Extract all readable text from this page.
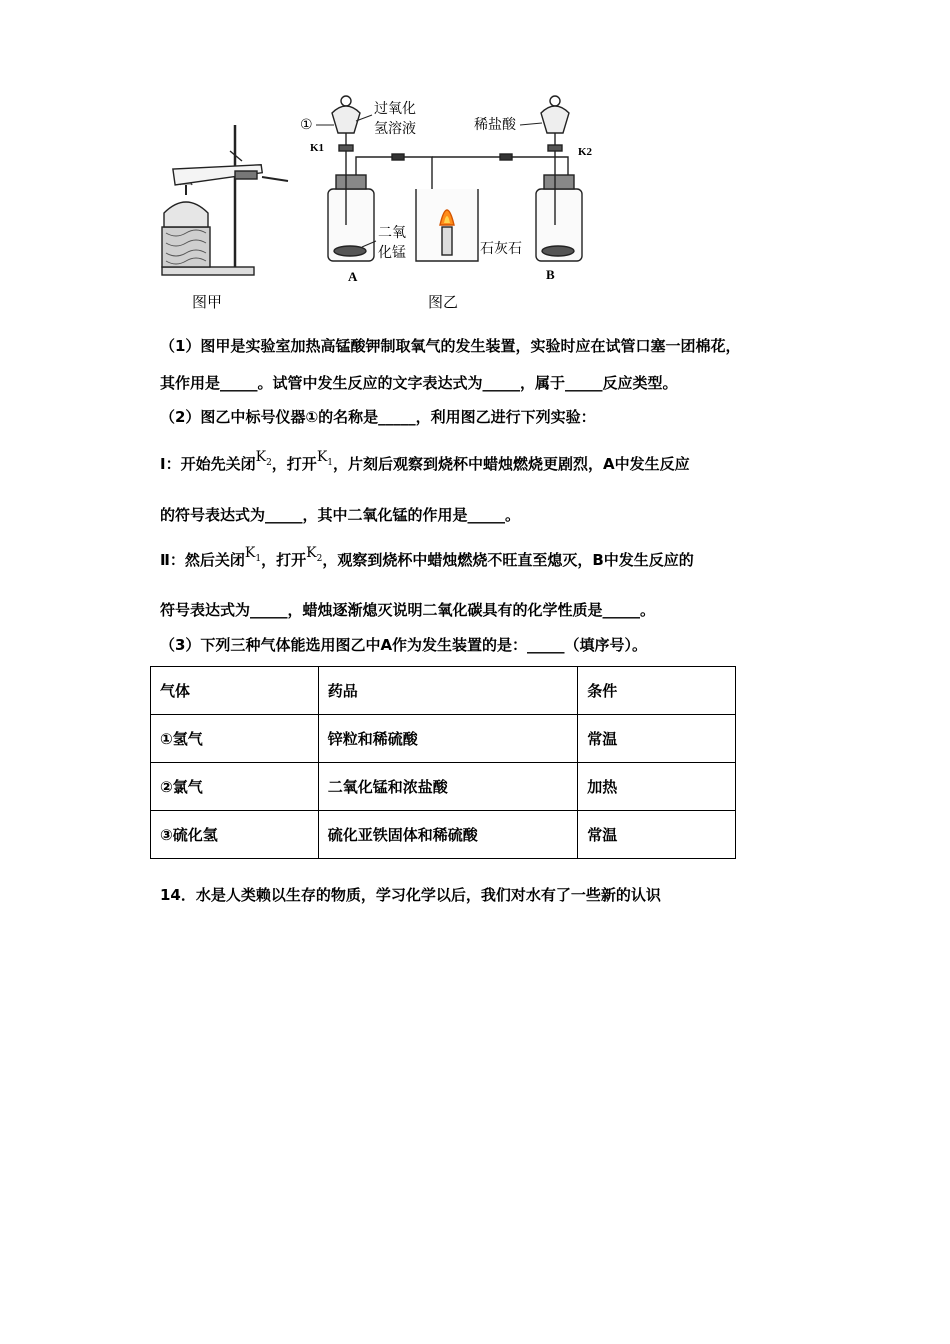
图甲
①
过氧化
氢溶液
K1
稀盐酸
K2
二氧
化锰	石灰石
A	B
图乙
（1）图甲是实验室加热高锰酸钾制取氧气的发生装置，实验时应在试管口塞一团棉花，
其作用是_____。试管中发生反应的文字表达式为_____，属于_____反应类型。
（2）图乙中标号仪器①的名称是_____，利用图乙进行下列实验：
Ⅰ：开始先关闭$K_2$，打开$K_1$，片刻后观察到烧杯中蜡烛燃烧更剧烈，A中发生反应
的符号表达式为_____，其中二氧化锰的作用是_____。
Ⅱ：然后关闭$K_1$，打开$K_2$，观察到烧杯中蜡烛燃烧不旺直至熄灭，B中发生反应的
符号表达式为_____，蜡烛逐渐熄灭说明二氧化碳具有的化学性质是_____。
（3）下列三种气体能选用图乙中A作为发生装置的是：_____（填序号）。
气体	药品	条件
①氢气	锌粒和稀硫酸	常温
②氯气	二氧化锰和浓盐酸	加热
③硫化氢	硫化亚铁固体和稀硫酸	常温
14．水是人类赖以生存的物质，学习化学以后，我们对水有了一些新的认识
